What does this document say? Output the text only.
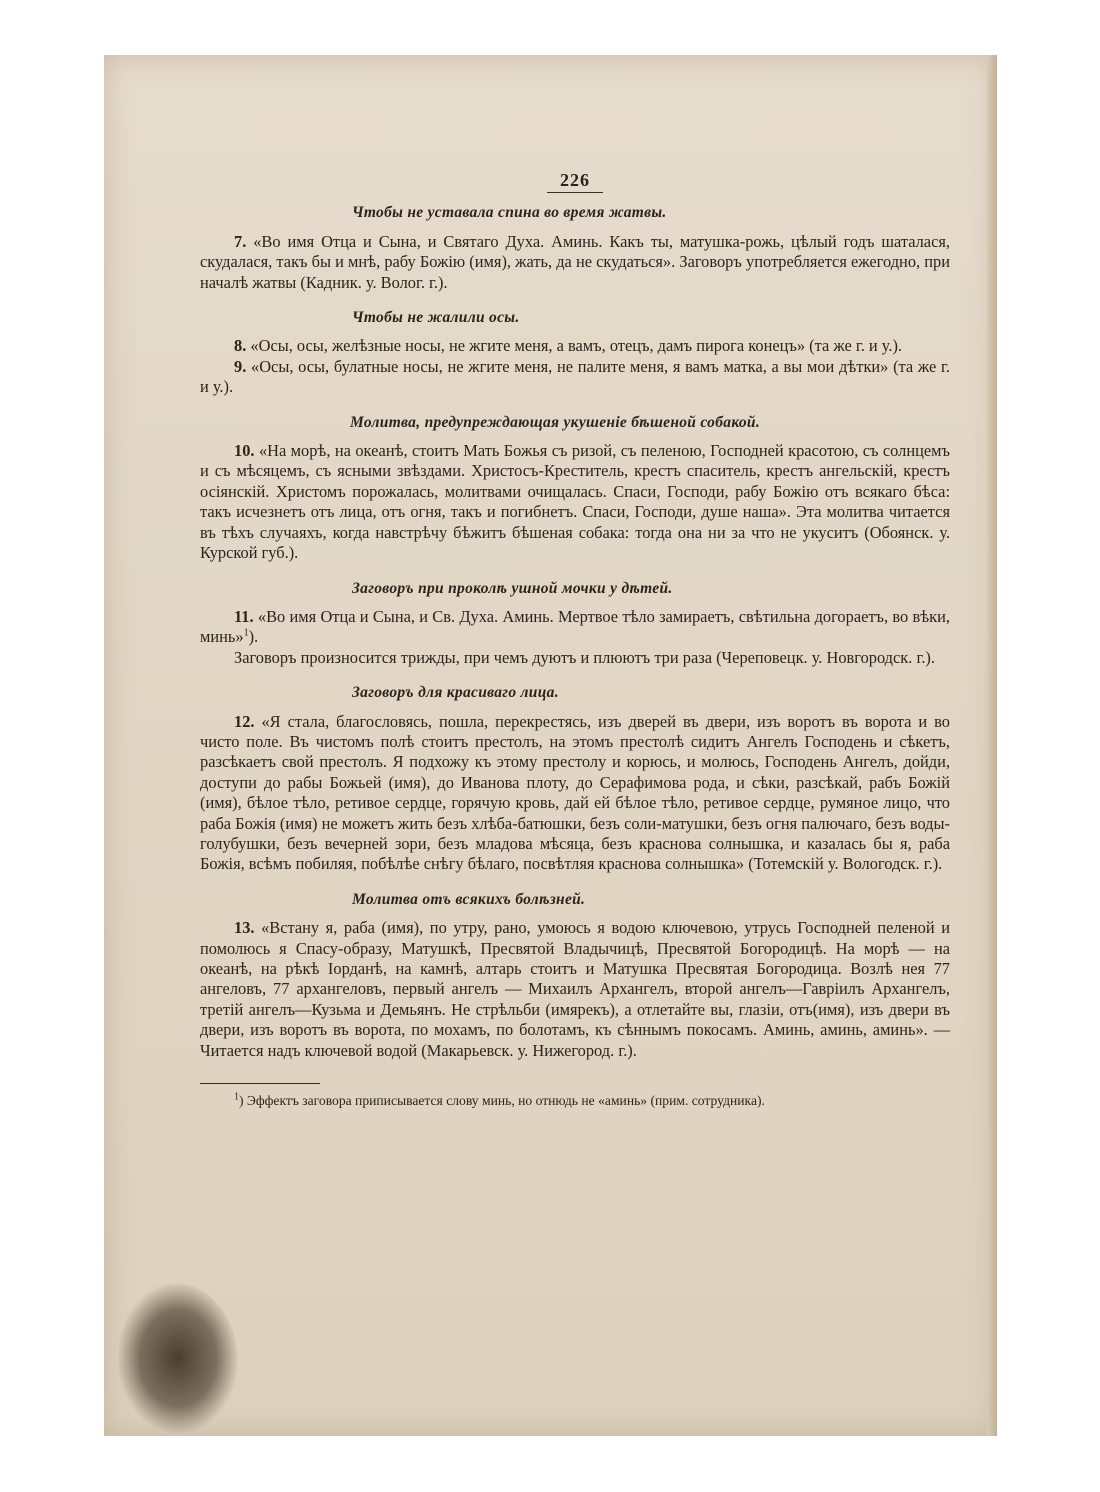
226
Чтобы не уставала спина во время жатвы.

7. «Во имя Отца и Сына, и Святаго Духа. Аминь. Какъ ты, матушка-рожь, цѣлый годъ шаталася, скудалася, такъ бы и мнѣ, рабу Божію (имя), жать, да не скудаться». Заговоръ употребляется ежегодно, при началѣ жатвы (Кадник. у. Волог. г.).

Чтобы не жалили осы.

8. «Осы, осы, желѣзные носы, не жгите меня, а вамъ, отецъ, дамъ пирога конецъ» (та же г. и у.).

9. «Осы, осы, булатные носы, не жгите меня, не палите меня, я вамъ матка, а вы мои дѣтки» (та же г. и у.).

Молитва, предупреждающая укушеніе бѣшеной собакой.

10. «На морѣ, на океанѣ, стоитъ Мать Божья съ ризой, съ пеленою, Господней красотою, съ солнцемъ и съ мѣсяцемъ, съ ясными звѣздами. Христосъ-Креститель, крестъ спаситель, крестъ ангельскій, крестъ осіянскій. Христомъ порожалась, молитвами очищалась. Спаси, Господи, рабу Божію отъ всякаго бѣса: такъ исчезнетъ отъ лица, отъ огня, такъ и погибнетъ. Спаси, Господи, душе наша». Эта молитва читается въ тѣхъ случаяхъ, когда навстрѣчу бѣжитъ бѣшеная собака: тогда она ни за что не укуситъ (Обоянск. у. Курской губ.).

Заговоръ при проколѣ ушной мочки у дѣтей.

11. «Во имя Отца и Сына, и Св. Духа. Аминь. Мертвое тѣло замираетъ, свѣтильна догораетъ, во вѣки, минь»$^1$).

Заговоръ произносится трижды, при чемъ дуютъ и плюютъ три раза (Череповецк. у. Новгородск. г.).

Заговоръ для красиваго лица.

12. «Я стала, благословясь, пошла, перекрестясь, изъ дверей въ двери, изъ воротъ въ ворота и во чисто поле. Въ чистомъ полѣ стоитъ престолъ, на этомъ престолѣ сидитъ Ангелъ Господень и сѣкетъ, разсѣкаетъ свой престолъ. Я подхожу къ этому престолу и корюсь, и молюсь, Господень Ангелъ, дойди, доступи до рабы Божьей (имя), до Иванова плоту, до Серафимова рода, и сѣки, разсѣкай, рабъ Божій (имя), бѣлое тѣло, ретивое сердце, горячую кровь, дай ей бѣлое тѣло, ретивое сердце, румяное лицо, что раба Божія (имя) не можетъ жить безъ хлѣба-батюшки, безъ соли-матушки, безъ огня палючаго, безъ воды-голубушки, безъ вечерней зори, безъ младова мѣсяца, безъ краснова солнышка, и казалась бы я, раба Божія, всѣмъ побиляя, побѣлѣе снѣгу бѣлаго, посвѣтляя краснова солнышка» (Тотемскій у. Вологодск. г.).

Молитва отъ всякихъ болѣзней.

13. «Встану я, раба (имя), по утру, рано, умоюсь я водою ключевою, утрусь Господней пеленой и помолюсь я Спасу-образу, Матушкѣ, Пресвятой Владычицѣ, Пресвятой Богородицѣ. На морѣ — на океанѣ, на рѣкѣ Іорданѣ, на камнѣ, алтарь стоитъ и Матушка Пресвятая Богородица. Возлѣ нея 77 ангеловъ, 77 архангеловъ, первый ангелъ — Михаилъ Архангелъ, второй ангелъ—Гавріилъ Архангелъ, третій ангелъ—Кузьма и Демьянъ. Не стрѣльби (имярекъ), а отлетайте вы, глазіи, отъ(имя), изъ двери въ двери, изъ воротъ въ ворота, по мохамъ, по болотамъ, къ сѣннымъ покосамъ. Аминь, аминь, аминь». — Читается надъ ключевой водой (Макарьевск. у. Нижегород. г.).

$^1$) Эффектъ заговора приписывается слову минь, но отнюдь не «аминь» (прим. сотрудника).
